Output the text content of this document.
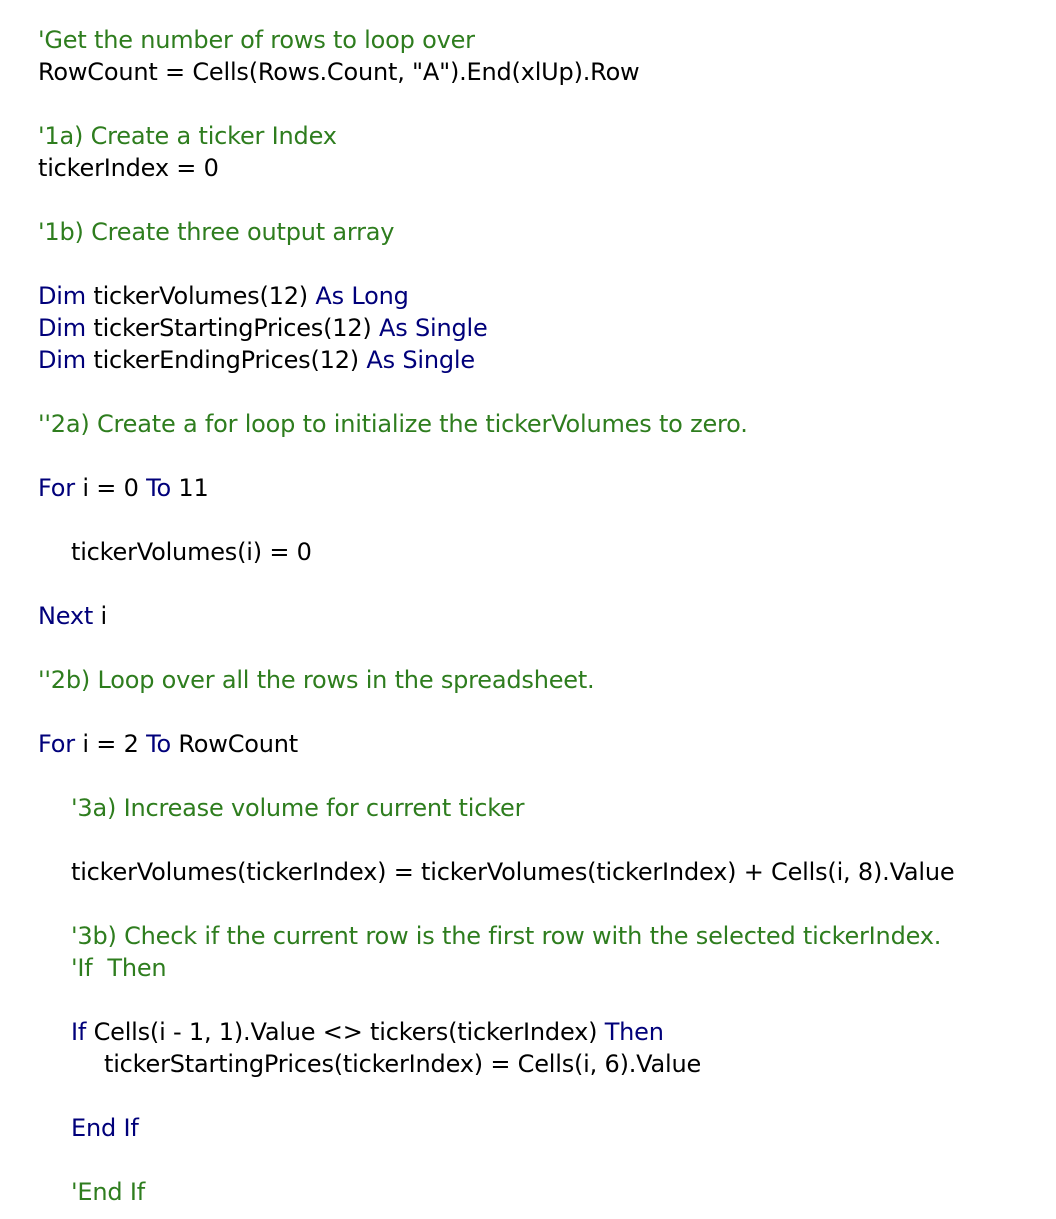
'Get the number of rows to loop over
RowCount = Cells(Rows.Count, "A").End(xlUp).Row
'1a) Create a ticker Index
tickerIndex = 0
'1b) Create three output array
Dim tickerVolumes(12) As Long
Dim tickerStartingPrices(12) As Single
Dim tickerEndingPrices(12) As Single
''2a) Create a for loop to initialize the tickerVolumes to zero.
For i = 0 To 11
tickerVolumes(i) = 0
Next i
''2b) Loop over all the rows in the spreadsheet.
For i = 2 To RowCount
'3a) Increase volume for current ticker
tickerVolumes(tickerIndex) = tickerVolumes(tickerIndex) + Cells(i, 8).Value
'3b) Check if the current row is the first row with the selected tickerIndex.
'If  Then
If Cells(i - 1, 1).Value <> tickers(tickerIndex) Then
tickerStartingPrices(tickerIndex) = Cells(i, 6).Value
End If
'End If
